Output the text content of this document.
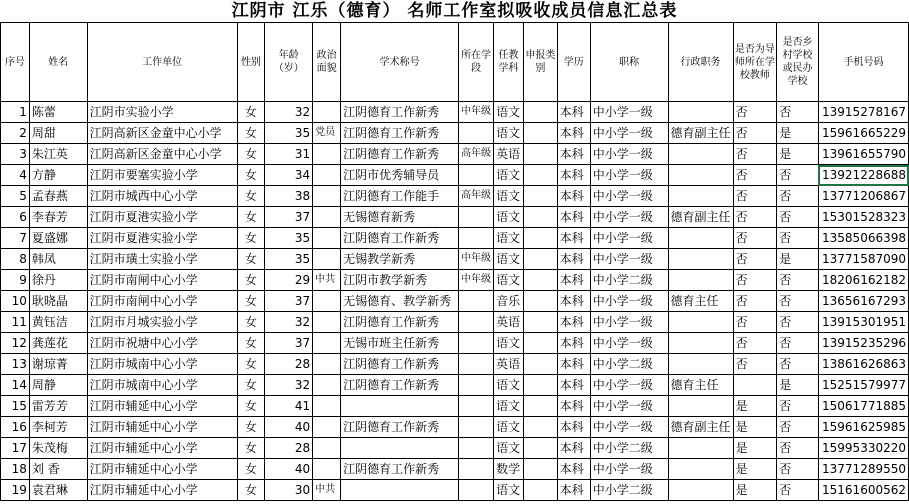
江阴市 江乐（德育） 名师工作室拟吸收成员信息汇总表
序号	姓名	工作单位	性别	年龄（岁）	政治面貌	学术称号	所在学段	任教学科	申报类别	学历	职称	行政职务	是否为导师所在学校教师	是否乡村学校或民办学校	手机号码
1	陈蕾	江阴市实验小学	女	32		江阴德育工作新秀	中年级	语文		本科	中小学一级		否	否	13915278167
2	周甜	江阴高新区金童中心小学	女	35	党员	江阴德育工作新秀		语文		本科	中小学一级	德育副主任	否	是	15961665229
3	朱江英	江阴高新区金童中心小学	女	31		江阴德育工作新秀	高年级	英语		本科	中小学一级		否	是	13961655790
4	方静	江阴市要塞实验小学	女	34		江阴市优秀辅导员		语文		本科	中小学一级		否	否	13921228688
5	孟春燕	江阴市城西中心小学	女	38		江阴德育工作能手	高年级	语文		本科	中小学一级		否	否	13771206867
6	李春芳	江阴市夏港实验小学	女	37		无锡德育新秀		语文		本科	中小学一级	德育副主任	否	否	15301528323
7	夏盛娜	江阴市夏港实验小学	女	35		江阴德育工作新秀		语文		本科	中小学一级		否	否	13585066398
8	韩凤	江阴市璜土实验小学	女	35		无锡教学新秀	中年级	语文		本科	中小学一级		否	是	13771587090
9	徐丹	江阴市南闸中心小学	女	29	中共	江阴市教学新秀	中年级	语文		本科	中小学二级		否	否	18206162182
10	耿晓晶	江阴市南闸中心小学	女	37		无锡德育、教学新秀		音乐		本科	中小学一级	德育主任	否	否	13656167293
11	黄钰洁	江阴市月城实验小学	女	32		江阴德育工作新秀		英语		本科	中小学一级		否	否	13915301951
12	龚莲花	江阴市祝塘中心小学	女	37		无锡市班主任新秀		语文		本科	中小学一级		否	否	13915235296
13	谢琼菁	江阴市城南中心小学	女	28		江阴德育工作新秀		英语		本科	中小学二级		否	否	13861626863
14	周静	江阴市城南中心小学	女	32		江阴德育工作新秀		语文		本科	中小学一级	德育主任		是	15251579977
15	雷芳芳	江阴市辅延中心小学	女	41				语文		本科	中小学一级		是	否	15061771885
16	李柯芳	江阴市辅延中心小学	女	40		江阴德育工作新秀		语文		本科	中小学一级	德育副主任	是	否	15961625985
17	朱茂梅	江阴市辅延中心小学	女	28				语文		本科	中小学二级		是	否	15995330220
18	刘 香	江阴市辅延中心小学	女	40		江阴德育工作新秀		数学		本科	中小学一级		是	否	13771289550
19	袁君琳	江阴市辅延中心小学	女	30	中共			语文		本科	中小学二级		是	否	15161600562
